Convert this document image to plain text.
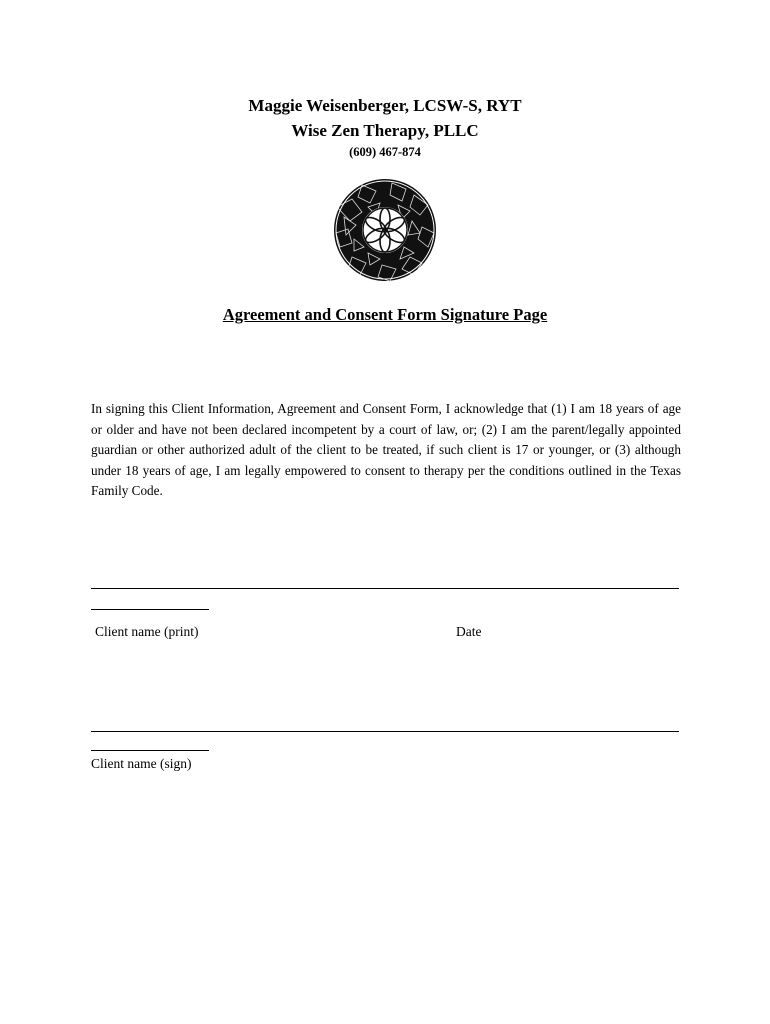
Maggie Weisenberger, LCSW-S, RYT
Wise Zen Therapy, PLLC
(609) 467-874
Agreement and Consent Form Signature Page

In signing this Client Information, Agreement and Consent Form, I acknowledge that (1) I am 18 years of age or older and have not been declared incompetent by a court of law, or; (2) I am the parent/legally appointed guardian or other authorized adult of the client to be treated, if such client is 17 or younger, or (3) although under 18 years of age, I am legally empowered to consent to therapy per the conditions outlined in the Texas Family Code.

Client name (print)	Date
Client name (sign)
